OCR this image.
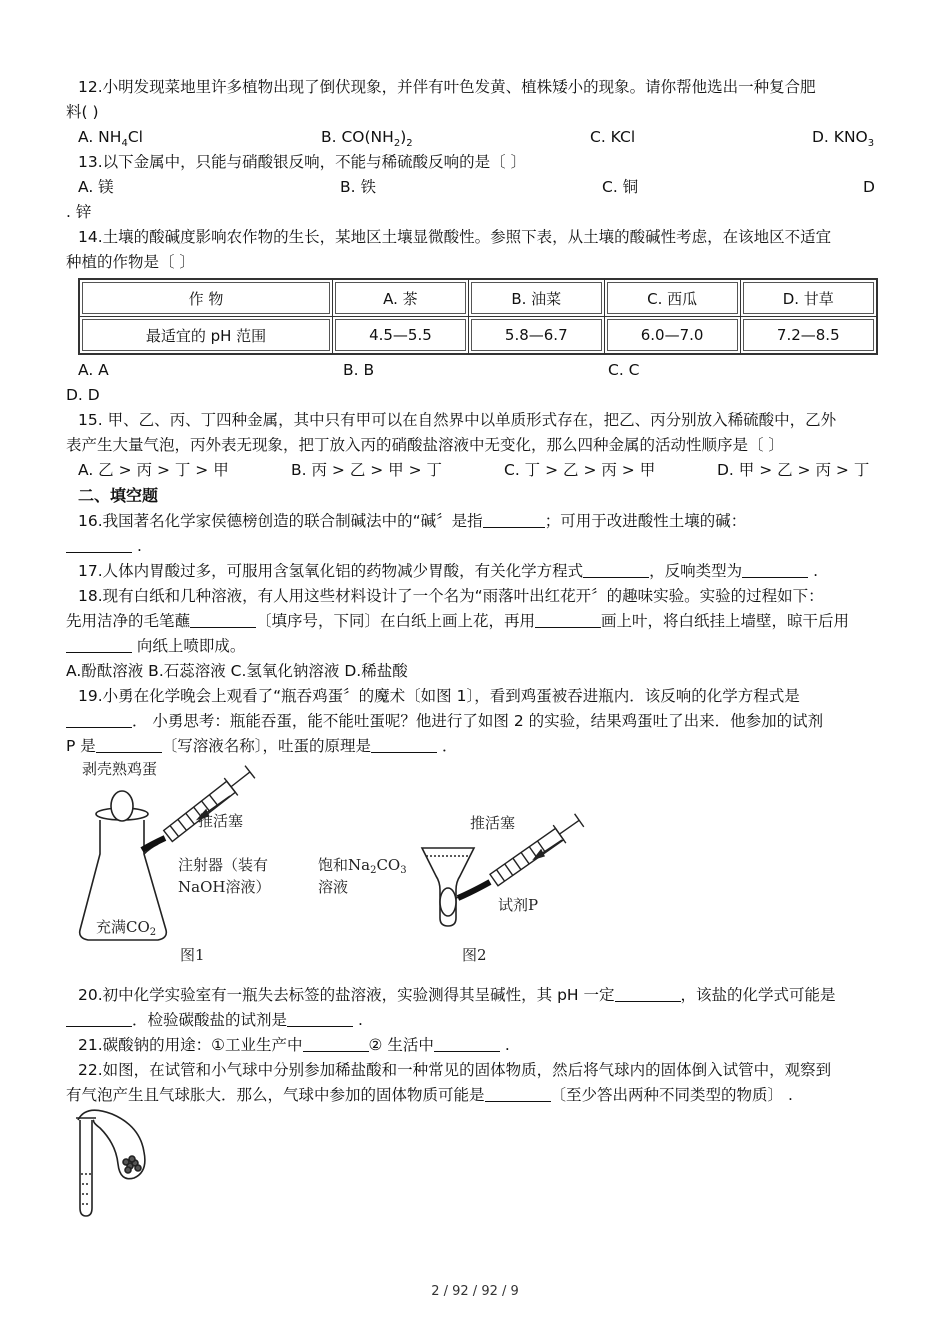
12.小明发现菜地里许多植物出现了倒伏现象，并伴有叶色发黄、植株矮小的现象。请你帮他选出一种复合肥
料( )
A. $NH_4Cl$	B. $CO(NH_2)_2$	C. KCl	D. $KNO_3$
13.以下金属中，只能与硝酸银反响，不能与稀硫酸反响的是〔 〕
A. 镁	B. 铁	C. 铜	D
. 锌
14.土壤的酸碱度影响农作物的生长，某地区土壤显微酸性。参照下表，从土壤的酸碱性考虑，在该地区不适宜
种植的作物是〔 〕
作 物	A. 茶	B. 油菜	C. 西瓜	D. 甘草
最适宜的 pH 范围	4.5—5.5	5.8—6.7	6.0—7.0	7.2—8.5
A. A	B. B	C. C
D. D
15. 甲、乙、丙、丁四种金属，其中只有甲可以在自然界中以单质形式存在，把乙、丙分别放入稀硫酸中，乙外
表产生大量气泡，丙外表无现象，把丁放入丙的硝酸盐溶液中无变化，那么四种金属的活动性顺序是〔 〕
A. 乙 > 丙 > 丁 > 甲	B. 丙 > 乙 > 甲 > 丁	C. 丁 > 乙 > 丙 > 甲	D. 甲 > 乙 > 丙 > 丁
二、填空题
16.我国著名化学家侯德榜创造的联合制碱法中的“碱〞是指	；可用于改进酸性土壤的碱：
.
17.人体内胃酸过多，可服用含氢氧化铝的药物减少胃酸，有关化学方程式	，反响类型为	.
18.现有白纸和几种溶液，有人用这些材料设计了一个名为“雨落叶出红花开〞的趣味实验。实验的过程如下：
先用洁净的毛笔蘸	〔填序号，下同〕在白纸上画上花，再用	画上叶，将白纸挂上墙壁，晾干后用
向纸上喷即成。
A.酚酞溶液 B.石蕊溶液 C.氢氧化钠溶液 D.稀盐酸
19.小勇在化学晚会上观看了“瓶吞鸡蛋〞的魔术〔如图 1〕，看到鸡蛋被吞进瓶内．该反响的化学方程式是
． 小勇思考：瓶能吞蛋，能不能吐蛋呢？他进行了如图 2 的实验，结果鸡蛋吐了出来．他参加的试剂
P 是	〔写溶液名称〕，吐蛋的原理是	．
剥壳熟鸡蛋
推活塞
注射器（装有
NaOH溶液）
充满$CO_2$
图1
推活塞
饱和$Na_2CO_3$
溶液
试剂P
图2
20.初中化学实验室有一瓶失去标签的盐溶液，实验测得其呈碱性，其 pH 一定	，该盐的化学式可能是
．检验碳酸盐的试剂是	.
21.碳酸钠的用途：①工业生产中	② 生活中	.
22.如图，在试管和小气球中分别参加稀盐酸和一种常见的固体物质，然后将气球内的固体倒入试管中，观察到
有气泡产生且气球胀大．那么，气球中参加的固体物质可能是	〔至少答出两种不同类型的物质〕 .
2 / 92 / 92 / 9
